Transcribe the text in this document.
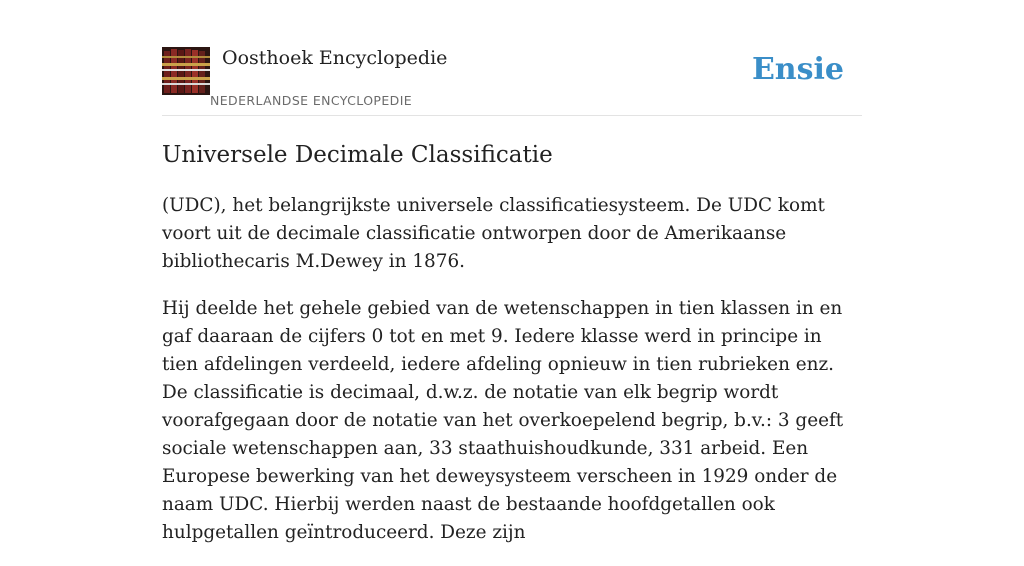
Oosthoek Encyclopedie
NEDERLANDSE ENCYCLOPEDIE
Ensie
Universele Decimale Classificatie

(UDC), het belangrijkste universele classificatiesysteem. De UDC komt voort uit de decimale classificatie ontworpen door de Amerikaanse bibliothecaris M.Dewey in 1876.

Hij deelde het gehele gebied van de wetenschappen in tien klassen in en gaf daaraan de cijfers 0 tot en met 9. Iedere klasse werd in principe in tien afdelingen verdeeld, iedere afdeling opnieuw in tien rubrieken enz. De classificatie is decimaal, d.w.z. de notatie van elk begrip wordt voorafgegaan door de notatie van het overkoepelend begrip, b.v.: 3 geeft sociale wetenschappen aan, 33 staathuishoudkunde, 331 arbeid. Een Europese bewerking van het deweysysteem verscheen in 1929 onder de naam UDC. Hierbij werden naast de bestaande hoofdgetallen ook hulpgetallen geïntroduceerd. Deze zijn
